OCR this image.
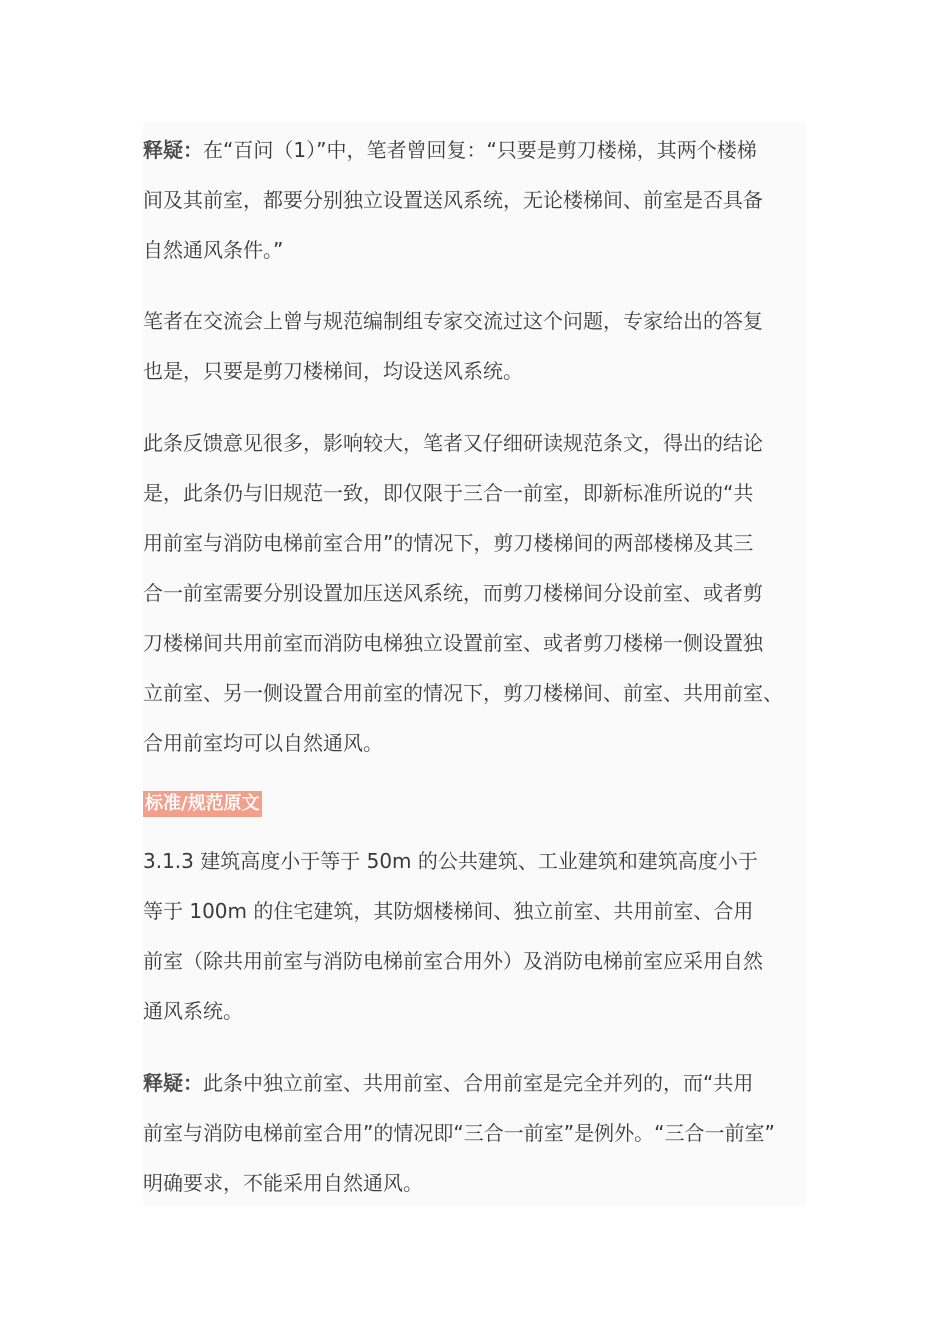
释疑：在“百问（1）”中，笔者曾回复：“只要是剪刀楼梯，其两个楼梯
间及其前室，都要分别独立设置送风系统，无论楼梯间、前室是否具备
自然通风条件。”
笔者在交流会上曾与规范编制组专家交流过这个问题，专家给出的答复
也是，只要是剪刀楼梯间，均设送风系统。
此条反馈意见很多，影响较大，笔者又仔细研读规范条文，得出的结论
是，此条仍与旧规范一致，即仅限于三合一前室，即新标准所说的“共
用前室与消防电梯前室合用”的情况下，剪刀楼梯间的两部楼梯及其三
合一前室需要分别设置加压送风系统，而剪刀楼梯间分设前室、或者剪
刀楼梯间共用前室而消防电梯独立设置前室、或者剪刀楼梯一侧设置独
立前室、另一侧设置合用前室的情况下，剪刀楼梯间、前室、共用前室、
合用前室均可以自然通风。
标准/规范原文
3.1.3 建筑高度小于等于 50m 的公共建筑、工业建筑和建筑高度小于
等于 100m 的住宅建筑，其防烟楼梯间、独立前室、共用前室、合用
前室（除共用前室与消防电梯前室合用外）及消防电梯前室应采用自然
通风系统。
释疑：此条中独立前室、共用前室、合用前室是完全并列的，而“共用
前室与消防电梯前室合用”的情况即“三合一前室”是例外。“三合一前室”
明确要求，不能采用自然通风。
